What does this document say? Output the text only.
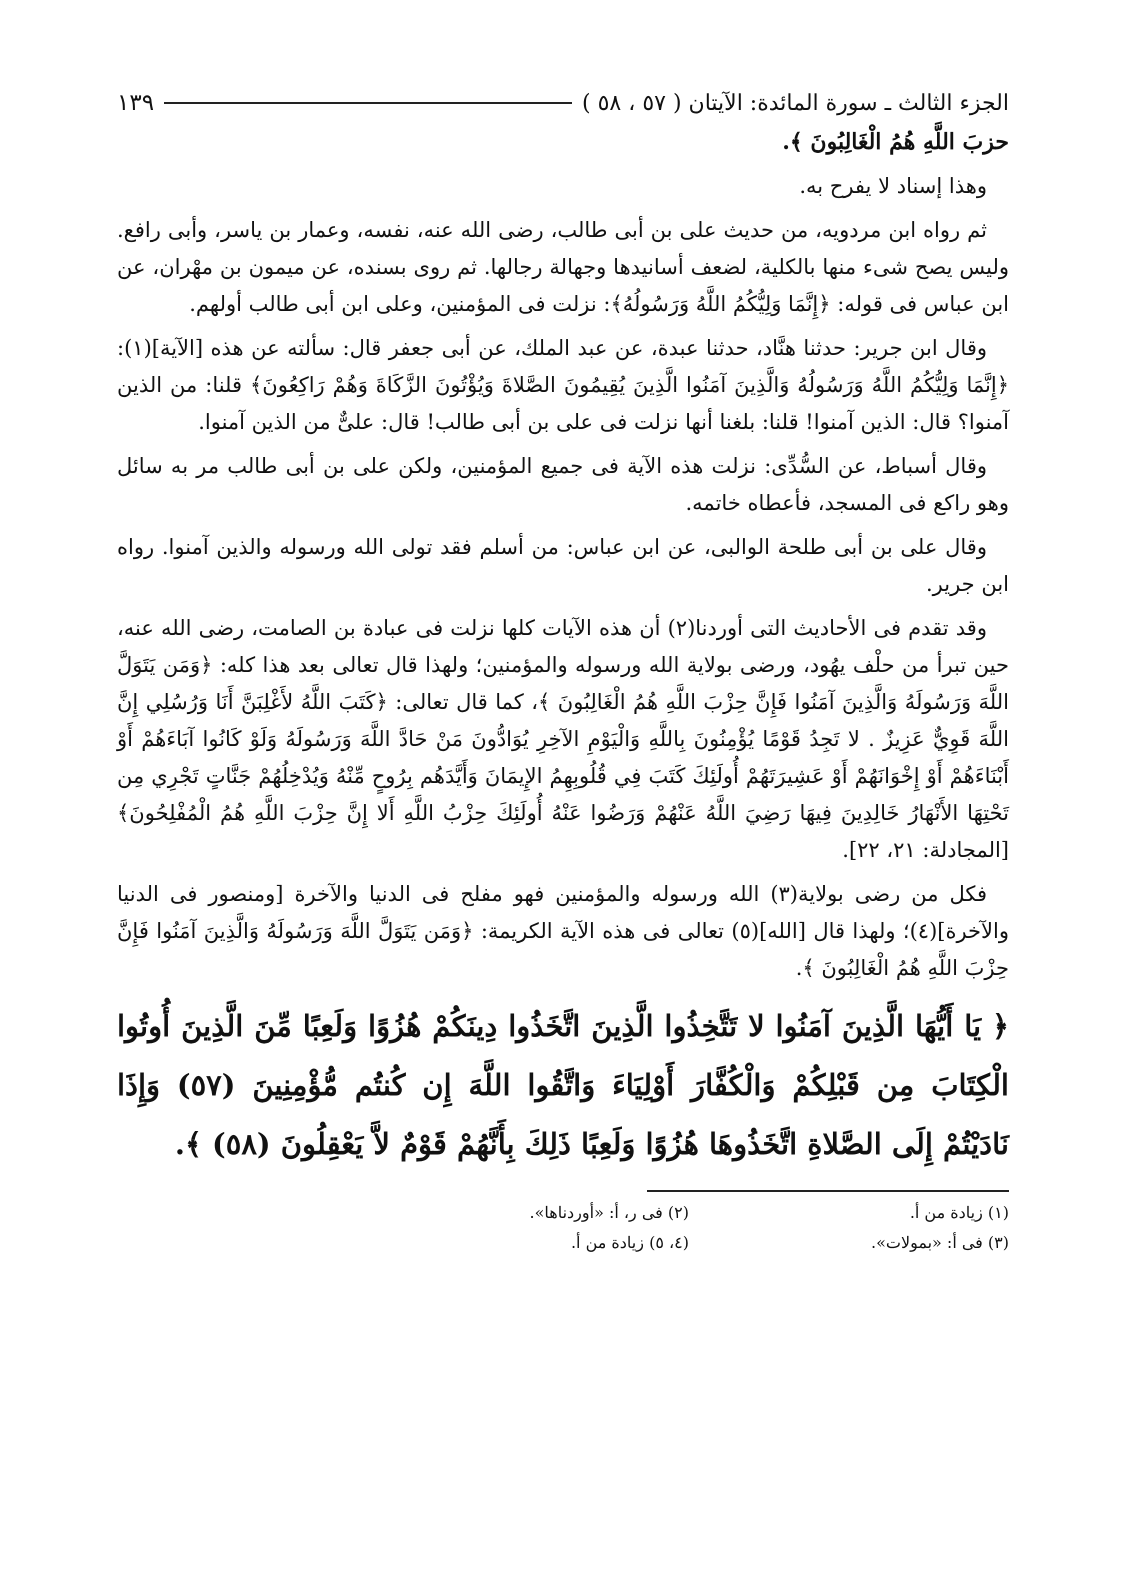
الجزء الثالث ـ سورة المائدة: الآيتان ( ٥٧ ، ٥٨ )
١٣٩

حزبَ اللَّهِ هُمُ الْغَالِبُونَ ﴾.

وهذا إسناد لا يفرح به.

ثم رواه ابن مردويه، من حديث على بن أبى طالب، رضى الله عنه، نفسه، وعمار بن ياسر، وأبى رافع. وليس يصح شىء منها بالكلية، لضعف أسانيدها وجهالة رجالها. ثم روى بسنده، عن ميمون بن مهْران، عن ابن عباس فى قوله: ﴿إِنَّمَا وَلِيُّكُمُ اللَّهُ وَرَسُولُهُ﴾: نزلت فى المؤمنين، وعلى ابن أبى طالب أولهم.

وقال ابن جرير: حدثنا هنَّاد، حدثنا عبدة، عن عبد الملك، عن أبى جعفر قال: سألته عن هذه [الآية](١): ﴿إِنَّمَا وَلِيُّكُمُ اللَّهُ وَرَسُولُهُ وَالَّذِينَ آمَنُوا الَّذِينَ يُقِيمُونَ الصَّلاةَ وَيُؤْتُونَ الزَّكَاةَ وَهُمْ رَاكِعُونَ﴾ قلنا: من الذين آمنوا؟ قال: الذين آمنوا! قلنا: بلغنا أنها نزلت فى على بن أبى طالب! قال: علىٌّ من الذين آمنوا.

وقال أسباط، عن السُّدِّى: نزلت هذه الآية فى جميع المؤمنين، ولكن على بن أبى طالب مر به سائل وهو راكع فى المسجد، فأعطاه خاتمه.

وقال على بن أبى طلحة الوالبى، عن ابن عباس: من أسلم فقد تولى الله ورسوله والذين آمنوا. رواه ابن جرير.

وقد تقدم فى الأحاديث التى أوردنا(٢) أن هذه الآيات كلها نزلت فى عبادة بن الصامت، رضى الله عنه، حين تبرأ من حلْف يهُود، ورضى بولاية الله ورسوله والمؤمنين؛ ولهذا قال تعالى بعد هذا كله: ﴿وَمَن يَتَوَلَّ اللَّهَ وَرَسُولَهُ وَالَّذِينَ آمَنُوا فَإِنَّ حِزْبَ اللَّهِ هُمُ الْغَالِبُونَ ﴾، كما قال تعالى: ﴿كَتَبَ اللَّهُ لأَغْلِبَنَّ أَنَا وَرُسُلِي إِنَّ اللَّهَ قَوِيٌّ عَزِيزٌ . لا تَجِدُ قَوْمًا يُؤْمِنُونَ بِاللَّهِ وَالْيَوْمِ الآخِرِ يُوَادُّونَ مَنْ حَادَّ اللَّهَ وَرَسُولَهُ وَلَوْ كَانُوا آبَاءَهُمْ أَوْ أَبْنَاءَهُمْ أَوْ إِخْوَانَهُمْ أَوْ عَشِيرَتَهُمْ أُولَئِكَ كَتَبَ فِي قُلُوبِهِمُ الإِيمَانَ وَأَيَّدَهُم بِرُوحٍ مِّنْهُ وَيُدْخِلُهُمْ جَنَّاتٍ تَجْرِي مِن تَحْتِهَا الأَنْهَارُ خَالِدِينَ فِيهَا رَضِيَ اللَّهُ عَنْهُمْ وَرَضُوا عَنْهُ أُولَئِكَ حِزْبُ اللَّهِ أَلا إِنَّ حِزْبَ اللَّهِ هُمُ الْمُفْلِحُونَ﴾ [المجادلة: ٢١، ٢٢].

فكل من رضى بولاية(٣) الله ورسوله والمؤمنين فهو مفلح فى الدنيا والآخرة [ومنصور فى الدنيا والآخرة](٤)؛ ولهذا قال [الله](٥) تعالى فى هذه الآية الكريمة: ﴿وَمَن يَتَوَلَّ اللَّهَ وَرَسُولَهُ وَالَّذِينَ آمَنُوا فَإِنَّ حِزْبَ اللَّهِ هُمُ الْغَالِبُونَ ﴾.

﴿ يَا أَيُّهَا الَّذِينَ آمَنُوا لا تَتَّخِذُوا الَّذِينَ اتَّخَذُوا دِينَكُمْ هُزُوًا وَلَعِبًا مِّنَ الَّذِينَ أُوتُوا الْكِتَابَ مِن قَبْلِكُمْ وَالْكُفَّارَ أَوْلِيَاءَ وَاتَّقُوا اللَّهَ إِن كُنتُم مُّؤْمِنِينَ (٥٧) وَإِذَا نَادَيْتُمْ إِلَى الصَّلاةِ اتَّخَذُوهَا هُزُوًا وَلَعِبًا ذَلِكَ بِأَنَّهُمْ قَوْمٌ لاَّ يَعْقِلُونَ (٥٨) ﴾.
(١) زيادة من أ.
(٢) فى ر، أ: «أوردناها».
(٣) فى أ: «بمولات».
(٤، ٥) زيادة من أ.
